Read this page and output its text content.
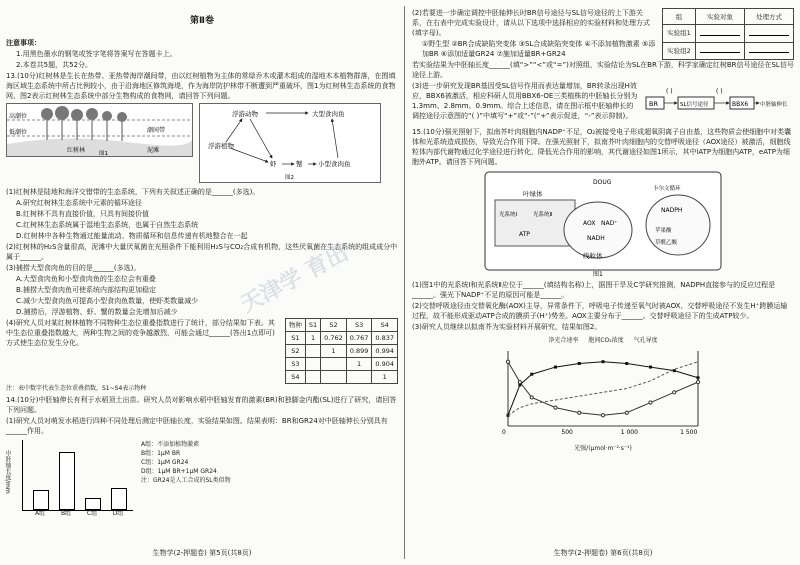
第Ⅱ卷
注意事项：
1.用黑色墨水的钢笔或签字笔将答案写在答题卡上。
2.本卷共5题，共52分。
13.(10分)红树林是生长在热带、亚热带海岸潮间带，由以红树植物为主体的常绿乔木或灌木组成的湿地木本植物群落，在围填海区域生态系统中所占比例较小，由于沿海地区修筑海堤，作为海岸防护林带不断遭到严重破坏，图1为红树林生态系统的食物网、图2表示红树林生态系统中部分生物构成的食物网，请回答下列问题。
高潮位
低潮位
红树林	泥滩
潮间带
图1
浮游动物	大型食肉鱼
浮游植物
虾	蟹 小型食肉鱼
图2
(1)红树林是陆地和海洋交错带的生态系统，下列有关叙述正确的是______(多选)。
A.研究红树林生态系统中元素的循环途径
B.红树林不具有直接价值，只具有间接价值
C.红树林生态系统属于湿地生态系统，也属于自然生态系统
D.红树林中各种生物通过能量流动、物质循环和信息传递有机地整合在一起
(2)红树林的H₂S含量很高，泥滩中大量厌氧菌在光照条件下能利用H₂S与CO₂合成有机物，这些厌氧菌在生态系统的组成成分中属于______。
(3)捕捞大型食肉鱼的目的是______(多选)。
A.大型食肉鱼和小型食肉鱼的生态位会有重叠
B.捕捞大型食肉鱼可使系统内部结构更加稳定
C.减少大型食肉鱼可提高小型食肉鱼数量，使虾类数量减少
D.捕捞后，浮游植物、虾、蟹的数量会先增加后减少
(4)研究人员对某红树林植物不同物种生态位重叠指数进行了统计，部分结果如下表。其中生态位重叠指数越大，两种生物之间的竞争越激烈，可能会通过______(答出1点即可)方式使生态位发生分化。
物种	S1	S2	S3	S4
S1	1	0.762	0.767	0.837
S2		1	0.899	0.994
S3			1	0.904
S4				1
注：表中数字代表生态位重叠指数，S1~S4表示物种
14.(10分)中胚轴伸长有利于水稻顶土出苗。研究人员对影响水稻中胚轴发育的激素(BR)和独脚金内酯(SL)进行了研究，请回答下列问题。
(1)研究人员对萌发水稻进行四种不同处理后测定中胚轴长度，实验结果如图。结果表明：BR和GR24对中胚轴伸长分别具有______作用。
中胚轴长度/mm
A组	B组	C组	D组
A组：不添加植物激素
B组：1μM BR
C组：1μM GR24
D组：1μM BR+1μM GR24
注：GR24是人工合成的SL类似物
生物学(2-押题卷) 第5页(共8页)
天津学 育出
(2)若要进一步确定调控中胚轴伸长时BR信号途径与SL信号途径的上下游关系，在右表中完成实验设计，请从以下选项中选择相应的实验材料和处理方式(填字母)。
①野生型 ②BR合成缺陷突变体 ③SL合成缺陷突变体 ④不添加植物激素 ⑤添加BR ⑥添加适量GR24 ⑦施加适量BR+GR24
组	实验对象	处理方式
实验组1		
实验组2		
若实验结果为中胚轴长度______(填“>”“<”或“=”)对照组，实验结论为SL在BR下游，科学家确定红树BR信号途径在SL信号途径上游。
(3)进一步研究发现BR基因受SL信号作用而表达量增加，BR转录出现H效应，BBX6被激活，相应科研人员用BBX6-OE三类植株的中胚轴长分别为1.3mm、2.8mm、0.9mm。综合上述信息，请在图示框中胚轴伸长的调控途径示意图的“( )”中填写“+”或“-”(“+”表示促进，“-”表示抑制)。
BR	SL信号途径	BBX6 中胚轴伸长
( )	( )
15.(10分)强光照射下，拟南芥叶肉细胞内NADP⁺不足，O₂被接受电子形成超氧阴离子自由基，这些物质会使细胞中对类囊体和光系统造成损伤，导致光合作用下降。在强光照射下，拟南芥叶肉细胞内的交替呼吸途径（AOX途径）被激活，细胞线粒体内部代谢物通过化学途径进行转化，降低光合作用的影响，其代谢途径如图1所示，其中iATP为细胞内ATP，eATP为细胞外ATP。请回答下列问题。
叶绿体
线粒体
光系统Ⅰ	光系统Ⅱ
ATP
NADPH
苹果酸
草酰乙酸
卡尔文循环
AOX NAD⁺
NADH
DOUG
图1
(1)图1中的光系统Ⅰ和光系统Ⅱ应位于______(填结构名称)上，据图干旱及C学研究推测，NADPH直接参与的反应过程是______。强光下NADP⁺不足的原因可能是______。
(2)交替呼吸途径由交替氧化酶(AOX)主导，异常条件下，呼吸电子传递至氧气时被AOX、交替呼吸途径不发生H⁺跨膜运输过程，故不能形成驱动ATP合成的膜质子(H⁺)势差。AOX主要分布于______。交替呼吸途径下的生成ATP较少。
(3)研究人员继续以拟南芥为实验材料开展研究，结果如图2。
净光合速率 胞间CO₂浓度 气孔导度
0	500	1 000	1 500
光强/(μmol·m⁻²·s⁻¹)
生物学(2-押题卷) 第6页(共8页)
